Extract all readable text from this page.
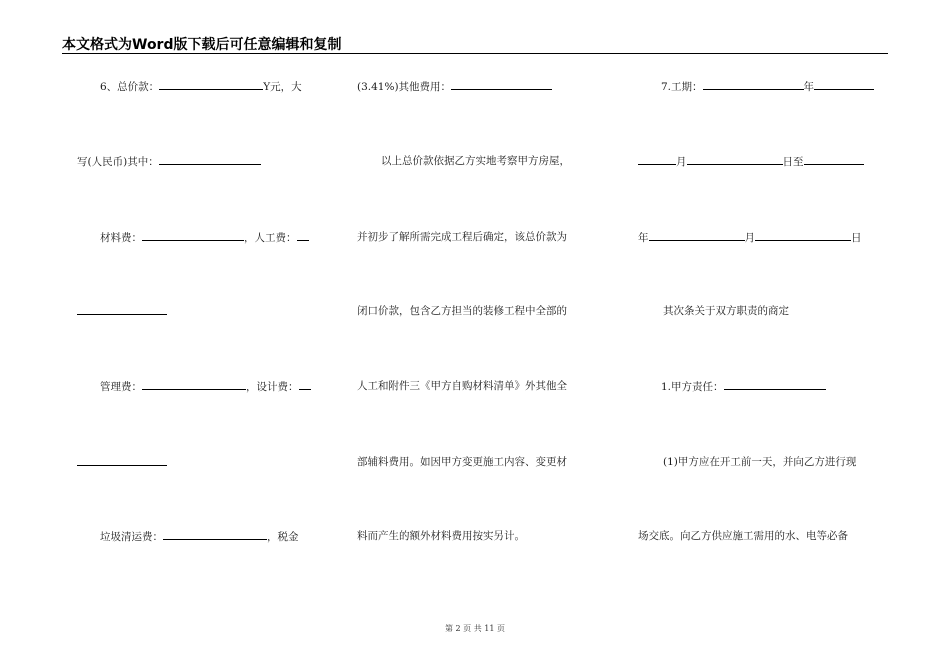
本文格式为Word版下载后可任意编辑和复制
6、总价款：	Y元，大
写(人民币)其中：
材料费：	，人工费：
管理费：	，设计费：
垃圾清运费：	，税金
(3.41%)其他费用：
以上总价款依据乙方实地考察甲方房屋，
并初步了解所需完成工程后确定，该总价款为
闭口价款，包含乙方担当的装修工程中全部的
人工和附件三《甲方自购材料清单》外其他全
部辅料费用。如因甲方变更施工内容、变更材
料而产生的额外材料费用按实另计。
7.工期：	年
月	日至
年	月	日
其次条关于双方职责的商定
1.甲方责任：
(1)甲方应在开工前一天，并向乙方进行现
场交底。向乙方供应施工需用的水、电等必备
第 2 页 共 11 页
